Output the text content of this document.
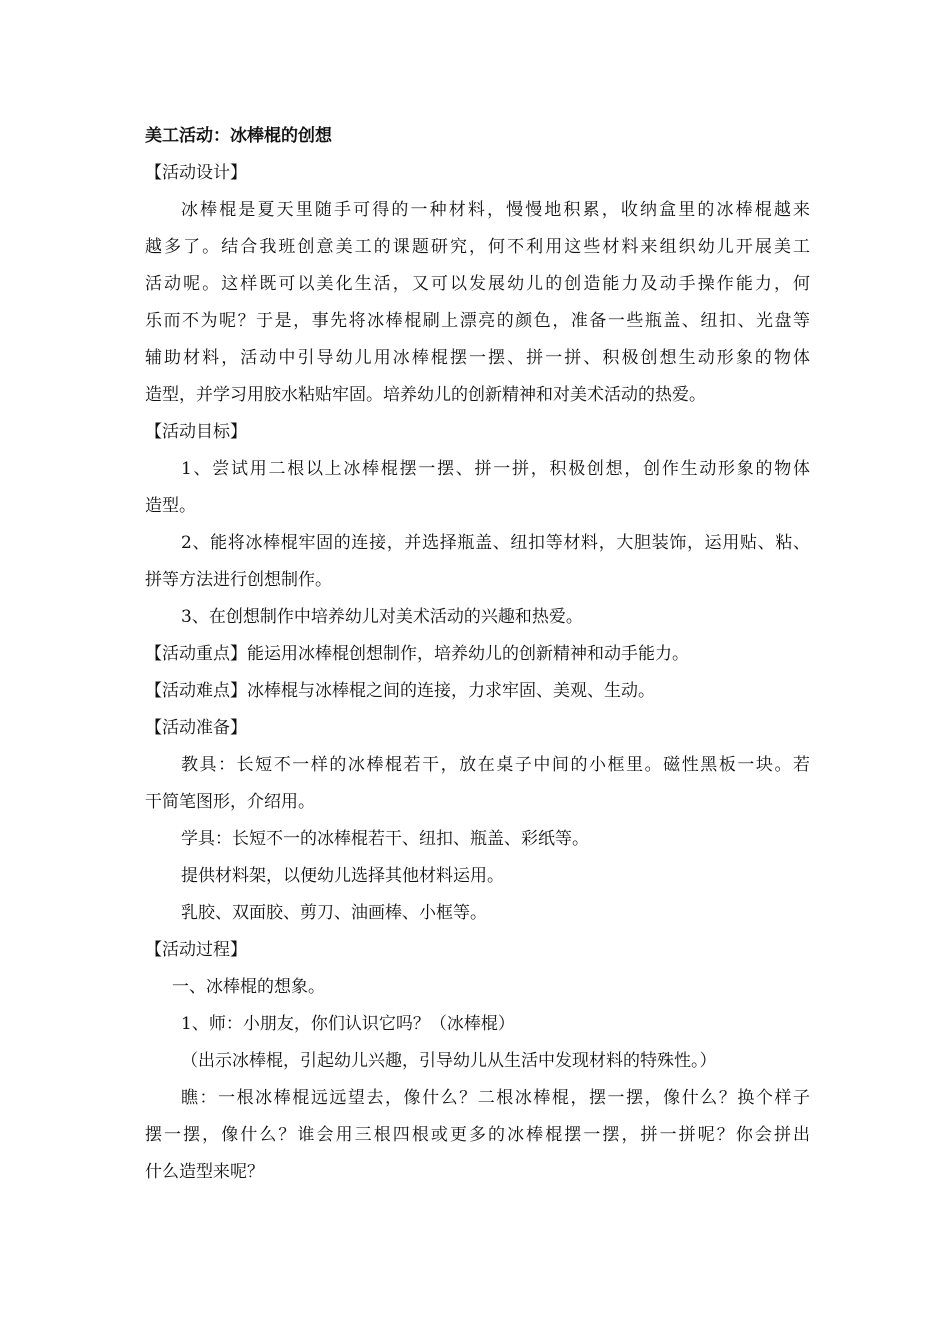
美工活动：冰棒棍的创想
【活动设计】
冰棒棍是夏天里随手可得的一种材料，慢慢地积累，收纳盒里的冰棒棍越来
越多了。结合我班创意美工的课题研究，何不利用这些材料来组织幼儿开展美工
活动呢。这样既可以美化生活，又可以发展幼儿的创造能力及动手操作能力，何
乐而不为呢？于是，事先将冰棒棍刷上漂亮的颜色，准备一些瓶盖、纽扣、光盘等
辅助材料，活动中引导幼儿用冰棒棍摆一摆、拼一拼、积极创想生动形象的物体
造型，并学习用胶水粘贴牢固。培养幼儿的创新精神和对美术活动的热爱。
【活动目标】
1、尝试用二根以上冰棒棍摆一摆、拼一拼，积极创想，创作生动形象的物体
造型。
2、能将冰棒棍牢固的连接，并选择瓶盖、纽扣等材料，大胆装饰，运用贴、粘、
拼等方法进行创想制作。
3、在创想制作中培养幼儿对美术活动的兴趣和热爱。
【活动重点】能运用冰棒棍创想制作，培养幼儿的创新精神和动手能力。
【活动难点】冰棒棍与冰棒棍之间的连接，力求牢固、美观、生动。
【活动准备】
教具：长短不一样的冰棒棍若干，放在桌子中间的小框里。磁性黑板一块。若
干简笔图形，介绍用。
学具：长短不一的冰棒棍若干、纽扣、瓶盖、彩纸等。
提供材料架，以便幼儿选择其他材料运用。
乳胶、双面胶、剪刀、油画棒、小框等。
【活动过程】
一、冰棒棍的想象。
1、师：小朋友，你们认识它吗？（冰棒棍）
（出示冰棒棍，引起幼儿兴趣，引导幼儿从生活中发现材料的特殊性。）
瞧：一根冰棒棍远远望去，像什么？二根冰棒棍，摆一摆，像什么？换个样子
摆一摆，像什么？谁会用三根四根或更多的冰棒棍摆一摆，拼一拼呢？你会拼出
什么造型来呢？
